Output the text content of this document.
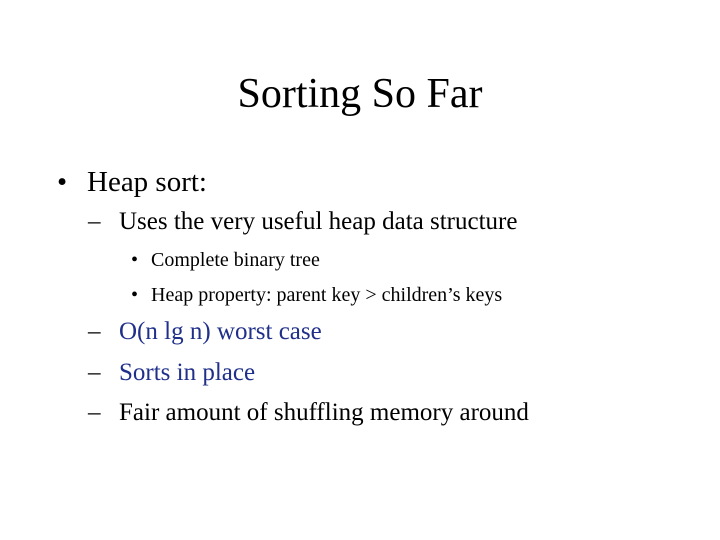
Sorting So Far
• Heap sort:
– Uses the very useful heap data structure
• Complete binary tree
• Heap property: parent key > children’s keys
– O(n lg n) worst case
– Sorts in place
– Fair amount of shuffling memory around
